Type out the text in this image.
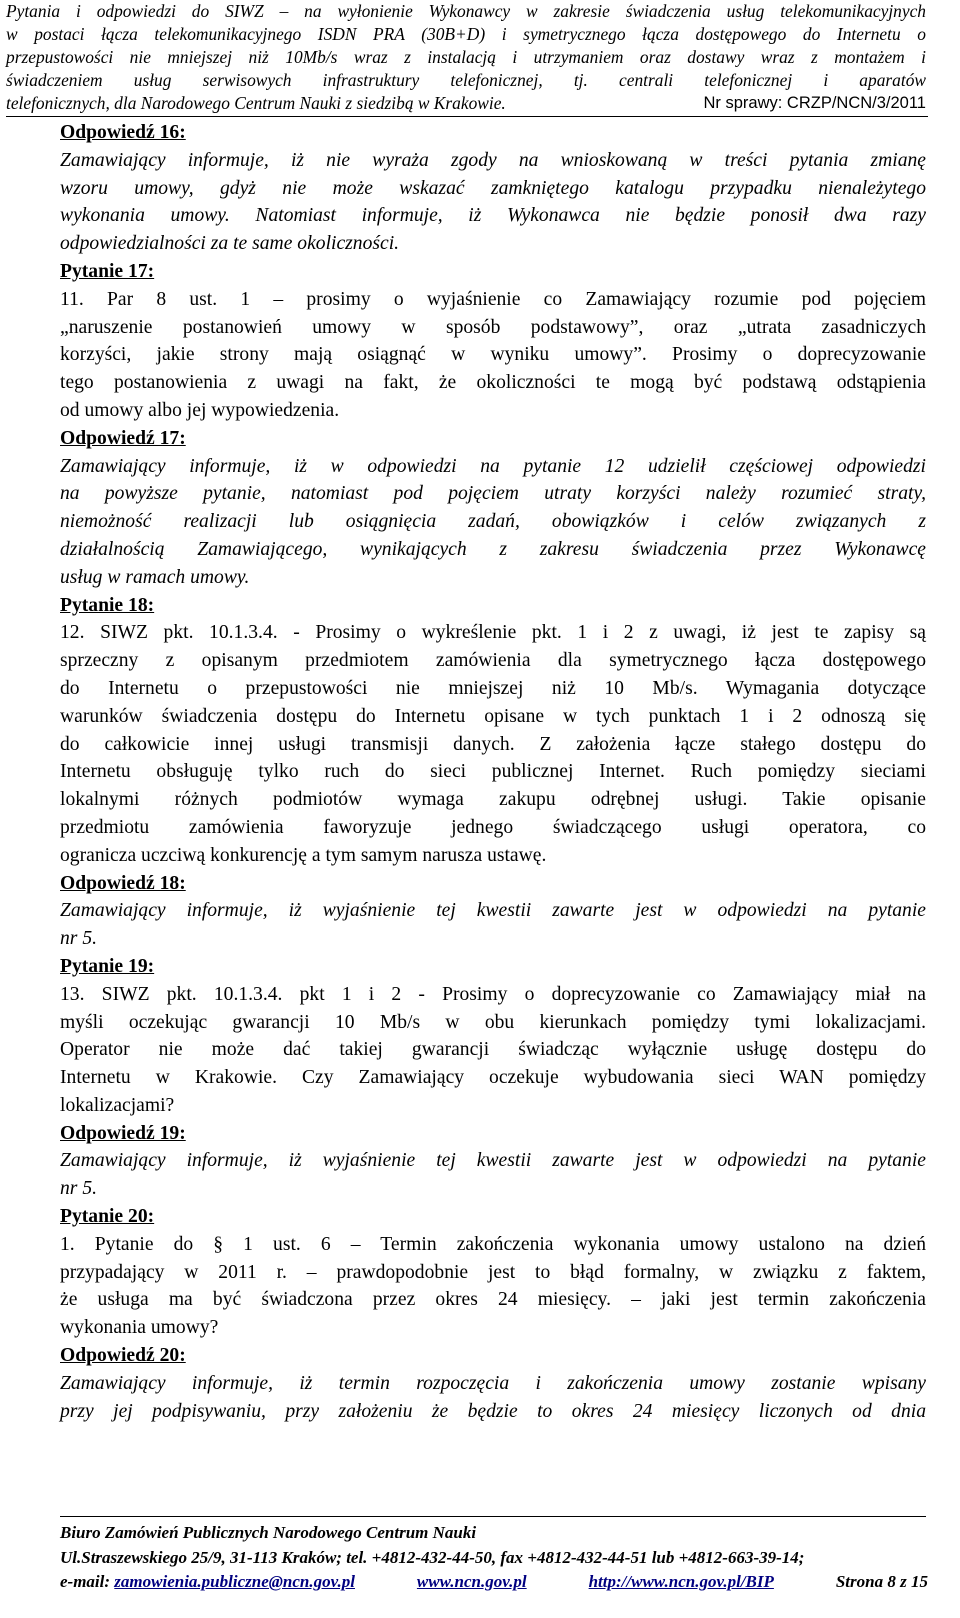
Pytania i odpowiedzi do SIWZ – na wyłonienie Wykonawcy w zakresie świadczenia usług telekomunikacyjnych
w postaci łącza telekomunikacyjnego ISDN PRA (30B+D) i symetrycznego łącza dostępowego do Internetu o
przepustowości nie mniejszej niż 10Mb/s wraz z instalacją i utrzymaniem oraz dostawy wraz z montażem i
świadczeniem usług serwisowych infrastruktury telefonicznej, tj. centrali telefonicznej i aparatów
telefonicznych, dla Narodowego Centrum Nauki z siedzibą w Krakowie.	Nr sprawy: CRZP/NCN/3/2011

Odpowiedź 16:

Zamawiający informuje, iż nie wyraża zgody na wnioskowaną w treści pytania zmianę
wzoru umowy, gdyż nie może wskazać zamkniętego katalogu przypadku nienależytego
wykonania umowy. Natomiast informuje, iż Wykonawca nie będzie ponosił dwa razy
odpowiedzialności za te same okoliczności.

Pytanie 17:

11. Par 8 ust. 1 – prosimy o wyjaśnienie co Zamawiający rozumie pod pojęciem
„naruszenie postanowień umowy w sposób podstawowy”, oraz „utrata zasadniczych
korzyści, jakie strony mają osiągnąć w wyniku umowy”. Prosimy o doprecyzowanie
tego postanowienia z uwagi na fakt, że okoliczności te mogą być podstawą odstąpienia
od umowy albo jej wypowiedzenia.

Odpowiedź 17:

Zamawiający informuje, iż w odpowiedzi na pytanie 12 udzielił częściowej odpowiedzi
na powyższe pytanie, natomiast pod pojęciem utraty korzyści należy rozumieć straty,
niemożność realizacji lub osiągnięcia zadań, obowiązków i celów związanych z
działalnością Zamawiającego, wynikających z zakresu świadczenia przez Wykonawcę
usług w ramach umowy.

Pytanie 18:

12. SIWZ pkt. 10.1.3.4. - Prosimy o wykreślenie pkt. 1 i 2 z uwagi, iż jest te zapisy są
sprzeczny z opisanym przedmiotem zamówienia dla symetrycznego łącza dostępowego
do Internetu o przepustowości nie mniejszej niż 10 Mb/s. Wymagania dotyczące
warunków świadczenia dostępu do Internetu opisane w tych punktach 1 i 2 odnoszą się
do całkowicie innej usługi transmisji danych. Z założenia łącze stałego dostępu do
Internetu obsługuję tylko ruch do sieci publicznej Internet. Ruch pomiędzy sieciami
lokalnymi różnych podmiotów wymaga zakupu odrębnej usługi. Takie opisanie
przedmiotu zamówienia faworyzuje jednego świadczącego usługi operatora, co
ogranicza uczciwą konkurencję a tym samym narusza ustawę.

Odpowiedź 18:

Zamawiający informuje, iż wyjaśnienie tej kwestii zawarte jest w odpowiedzi na pytanie
nr 5.

Pytanie 19:

13. SIWZ pkt. 10.1.3.4. pkt 1 i 2 - Prosimy o doprecyzowanie co Zamawiający miał na
myśli oczekując gwarancji 10 Mb/s w obu kierunkach pomiędzy tymi lokalizacjami.
Operator nie może dać takiej gwarancji świadcząc wyłącznie usługę dostępu do
Internetu w Krakowie. Czy Zamawiający oczekuje wybudowania sieci WAN pomiędzy
lokalizacjami?

Odpowiedź 19:

Zamawiający informuje, iż wyjaśnienie tej kwestii zawarte jest w odpowiedzi na pytanie
nr 5.

Pytanie 20:

1. Pytanie do § 1 ust. 6 – Termin zakończenia wykonania umowy ustalono na dzień
przypadający w 2011 r. – prawdopodobnie jest to błąd formalny, w związku z faktem,
że usługa ma być świadczona przez okres 24 miesięcy. – jaki jest termin zakończenia
wykonania umowy?

Odpowiedź 20:

Zamawiający informuje, iż termin rozpoczęcia i zakończenia umowy zostanie wpisany
przy jej podpisywaniu, przy założeniu że będzie to okres 24 miesięcy liczonych od dnia

Biuro Zamówień Publicznych Narodowego Centrum Nauki
Ul.Straszewskiego 25/9, 31-113 Kraków; tel. +4812-432-44-50, fax +4812-432-44-51 lub +4812-663-39-14;
e-mail: zamowienia.publiczne@ncn.gov.pl	www.ncn.gov.pl	http://www.ncn.gov.pl/BIP	Strona 8 z 15
